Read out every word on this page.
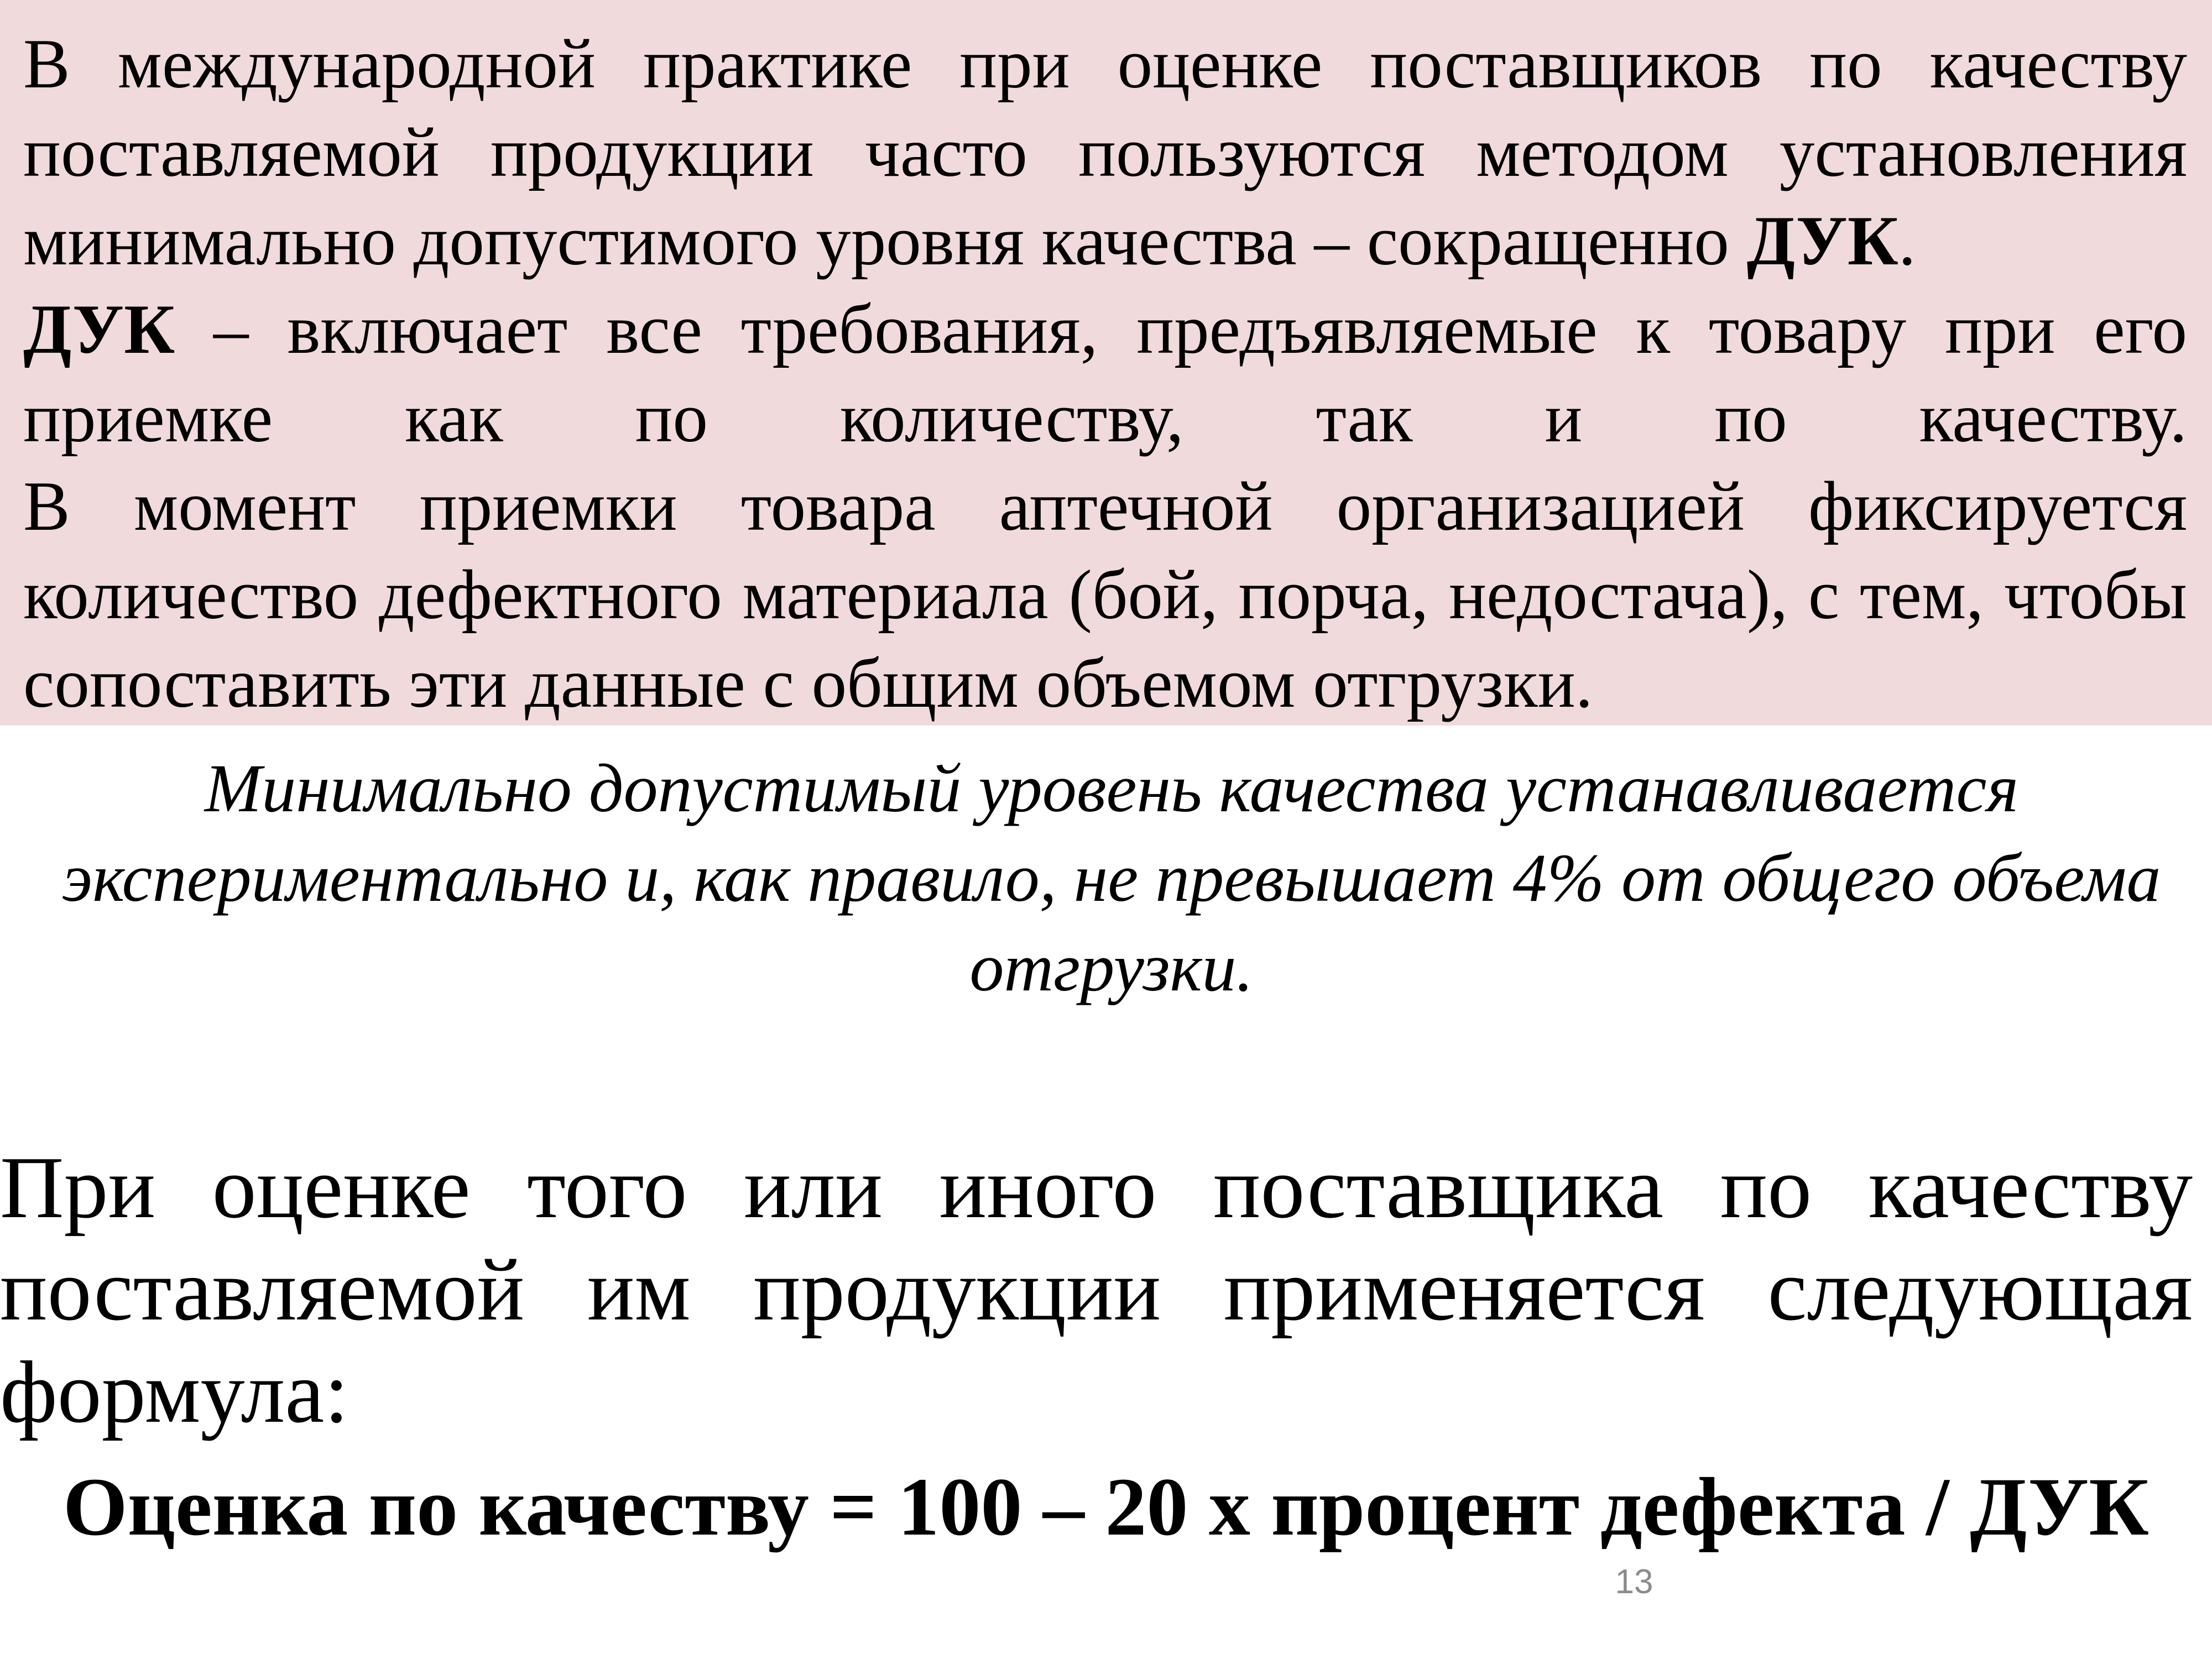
В международной практике при оценке поставщиков по качеству поставляемой продукции часто пользуются методом установления минимально допустимого уровня качества – сокращенно ДУК.
ДУК – включает все требования, предъявляемые к товару при его приемке как по количеству, так и по качеству.
В момент приемки товара аптечной организацией фиксируется количество дефектного материала (бой, порча, недостача), с тем, чтобы сопоставить эти данные с общим объемом отгрузки.

Минимально допустимый уровень качества устанавливается экспериментально и, как правило, не превышает 4% от общего объема отгрузки.

При оценке того или иного поставщика по качеству поставляемой им продукции применяется следующая формула:

Оценка по качеству = 100 – 20 х процент дефекта / ДУК

13
